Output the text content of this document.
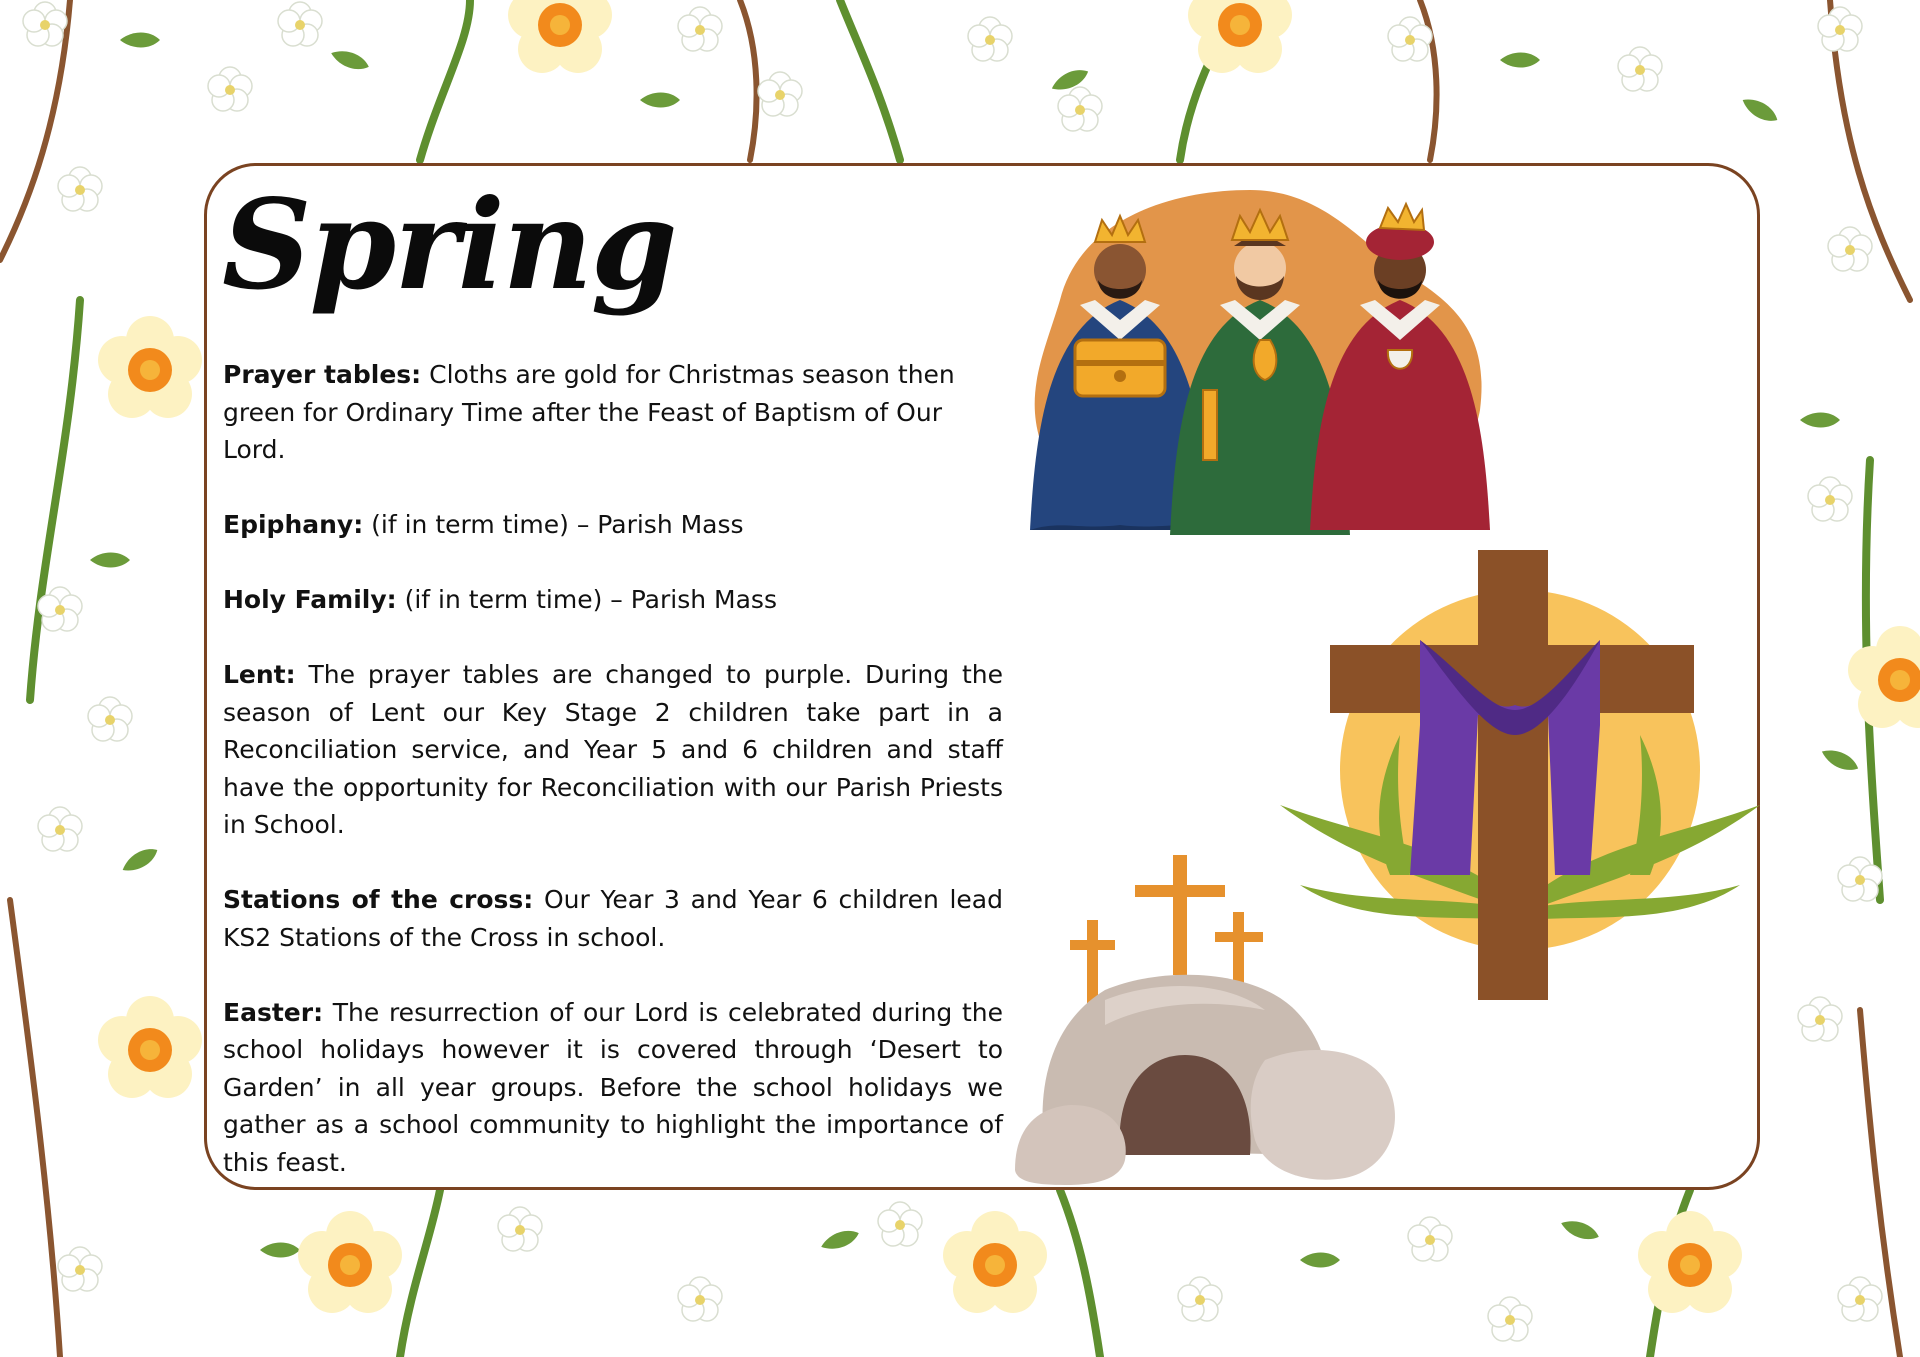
Spring

Prayer tables: Cloths are gold for Christmas season then green for Ordinary Time after the Feast of Baptism of Our Lord.

Epiphany: (if in term time) – Parish Mass

Holy Family: (if in term time) – Parish Mass

Lent: The prayer tables are changed to purple. During the season of Lent our Key Stage 2 children take part in a Reconciliation service, and Year 5 and 6 children and staff have the opportunity for Reconciliation with our Parish Priests in School.

Stations of the cross: Our Year 3 and Year 6 children lead KS2 Stations of the Cross in school.

Easter: The resurrection of our Lord is celebrated during the school holidays however it is covered through ‘Desert to Garden’ in all year groups. Before the school holidays we gather as a school community to highlight the importance of this feast.
